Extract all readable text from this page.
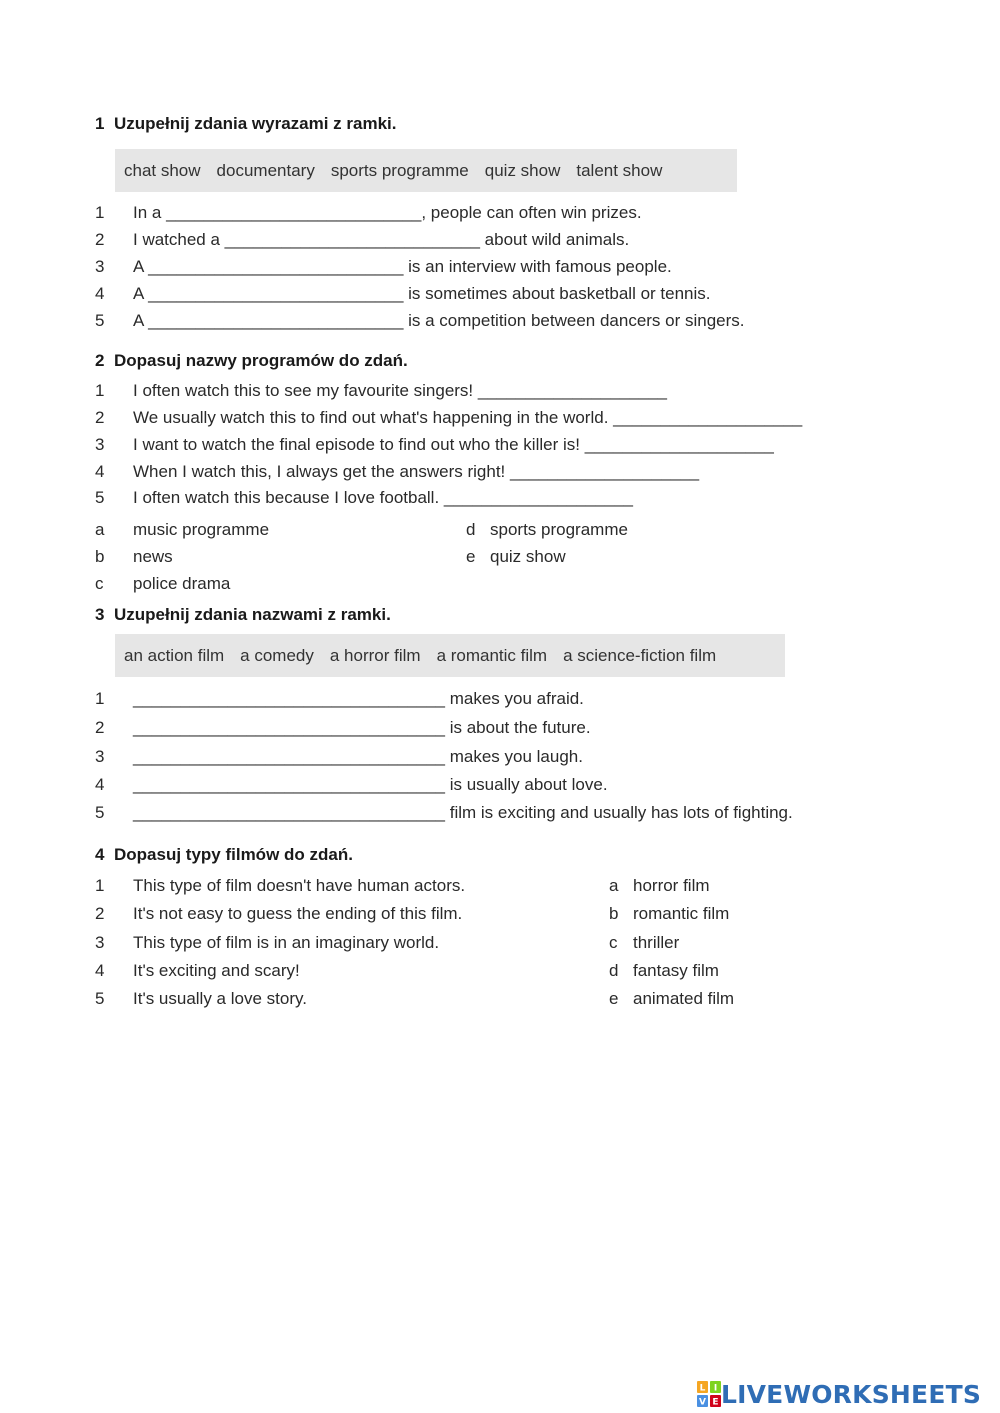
1 Uzupełnij zdania wyrazami z ramki.
chat show documentary sports programme quiz show talent show
1 In a ___________________________, people can often win prizes.
2 I watched a ___________________________ about wild animals.
3 A ___________________________ is an interview with famous people.
4 A ___________________________ is sometimes about basketball or tennis.
5 A ___________________________ is a competition between dancers or singers.
2 Dopasuj nazwy programów do zdań.
1 I often watch this to see my favourite singers! ____________________
2 We usually watch this to find out what's happening in the world. ____________________
3 I want to watch the final episode to find out who the killer is! ____________________
4 When I watch this, I always get the answers right! ____________________
5 I often watch this because I love football. ____________________
a music programme
b news
c police drama
d sports programme
e quiz show
3 Uzupełnij zdania nazwami z ramki.
an action film a comedy a horror film a romantic film a science-fiction film
1 _________________________________ makes you afraid.
2 _________________________________ is about the future.
3 _________________________________ makes you laugh.
4 _________________________________ is usually about love.
5 _________________________________ film is exciting and usually has lots of fighting.
4 Dopasuj typy filmów do zdań.
1 This type of film doesn't have human actors.
2 It's not easy to guess the ending of this film.
3 This type of film is in an imaginary world.
4 It's exciting and scary!
5 It's usually a love story.
a horror film
b romantic film
c thriller
d fantasy film
e animated film
L I
V E LIVEWORKSHEETS
